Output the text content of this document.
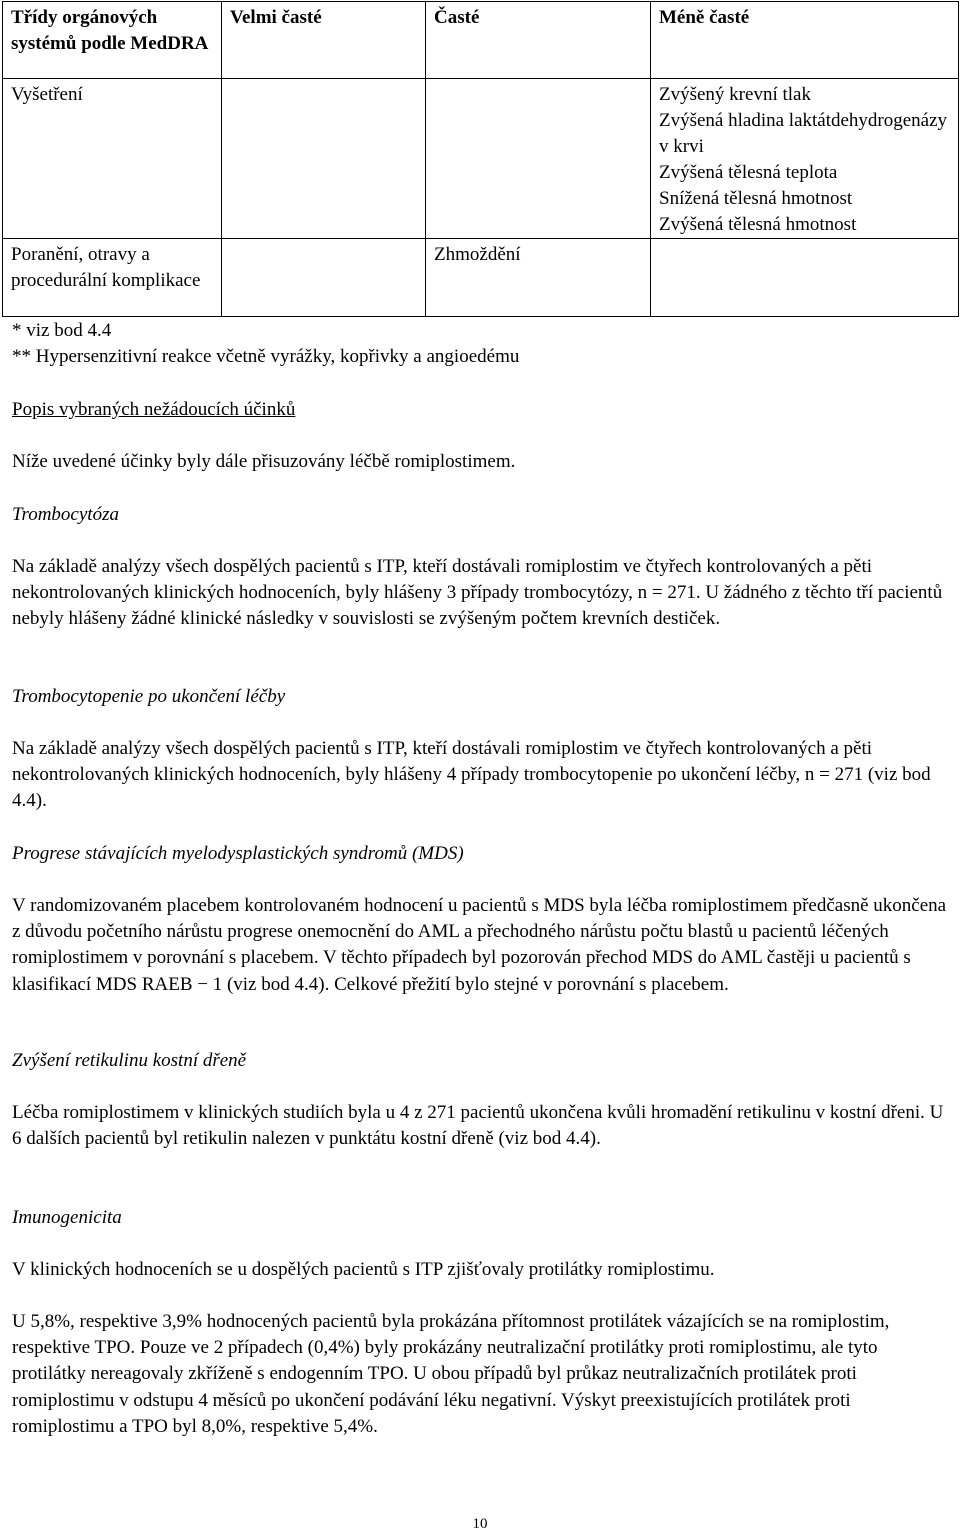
Třídy orgánových systémů podle MedDRA	Velmi časté	Časté	Méně časté
Vyšetření			Zvýšený krevní tlak
Zvýšená hladina laktátdehydrogenázy v krvi
Zvýšená tělesná teplota
Snížená tělesná hmotnost
Zvýšená tělesná hmotnost

Poranění, otravy a procedurální komplikace		Zhmoždění	
* viz bod 4.4
** Hypersenzitivní reakce včetně vyrážky, kopřivky a angioedému
Popis vybraných nežádoucích účinků
Níže uvedené účinky byly dále přisuzovány léčbě romiplostimem.
Trombocytóza
Na základě analýzy všech dospělých pacientů s ITP, kteří dostávali romiplostim ve čtyřech kontrolovaných a pěti nekontrolovaných klinických hodnoceních, byly hlášeny 3 případy trombocytózy, n = 271. U žádného z těchto tří pacientů nebyly hlášeny žádné klinické následky v souvislosti se zvýšeným počtem krevních destiček.
Trombocytopenie po ukončení léčby
Na základě analýzy všech dospělých pacientů s ITP, kteří dostávali romiplostim ve čtyřech kontrolovaných a pěti nekontrolovaných klinických hodnoceních, byly hlášeny 4 případy trombocytopenie po ukončení léčby, n = 271 (viz bod 4.4).
Progrese stávajících myelodysplastických syndromů (MDS)
V randomizovaném placebem kontrolovaném hodnocení u pacientů s MDS byla léčba romiplostimem předčasně ukončena z důvodu početního nárůstu progrese onemocnění do AML a přechodného nárůstu počtu blastů u pacientů léčených romiplostimem v porovnání s placebem. V těchto případech byl pozorován přechod MDS do AML častěji u pacientů s klasifikací MDS RAEB − 1 (viz bod 4.4). Celkové přežití bylo stejné v porovnání s placebem.
Zvýšení retikulinu kostní dřeně
Léčba romiplostimem v klinických studiích byla u 4 z 271 pacientů ukončena kvůli hromadění retikulinu v kostní dřeni. U 6 dalších pacientů byl retikulin nalezen v punktátu kostní dřeně (viz bod 4.4).
Imunogenicita
V klinických hodnoceních se u dospělých pacientů s ITP zjišťovaly protilátky romiplostimu.
U 5,8%, respektive 3,9% hodnocených pacientů byla prokázána přítomnost protilátek vázajících se na romiplostim, respektive TPO. Pouze ve 2 případech (0,4%) byly prokázány neutralizační protilátky proti romiplostimu, ale tyto protilátky nereagovaly zkříženě s endogenním TPO. U obou případů byl průkaz neutralizačních protilátek proti romiplostimu v odstupu 4 měsíců po ukončení podávání léku negativní. Výskyt preexistujících protilátek proti romiplostimu a TPO byl 8,0%, respektive 5,4%.
10
